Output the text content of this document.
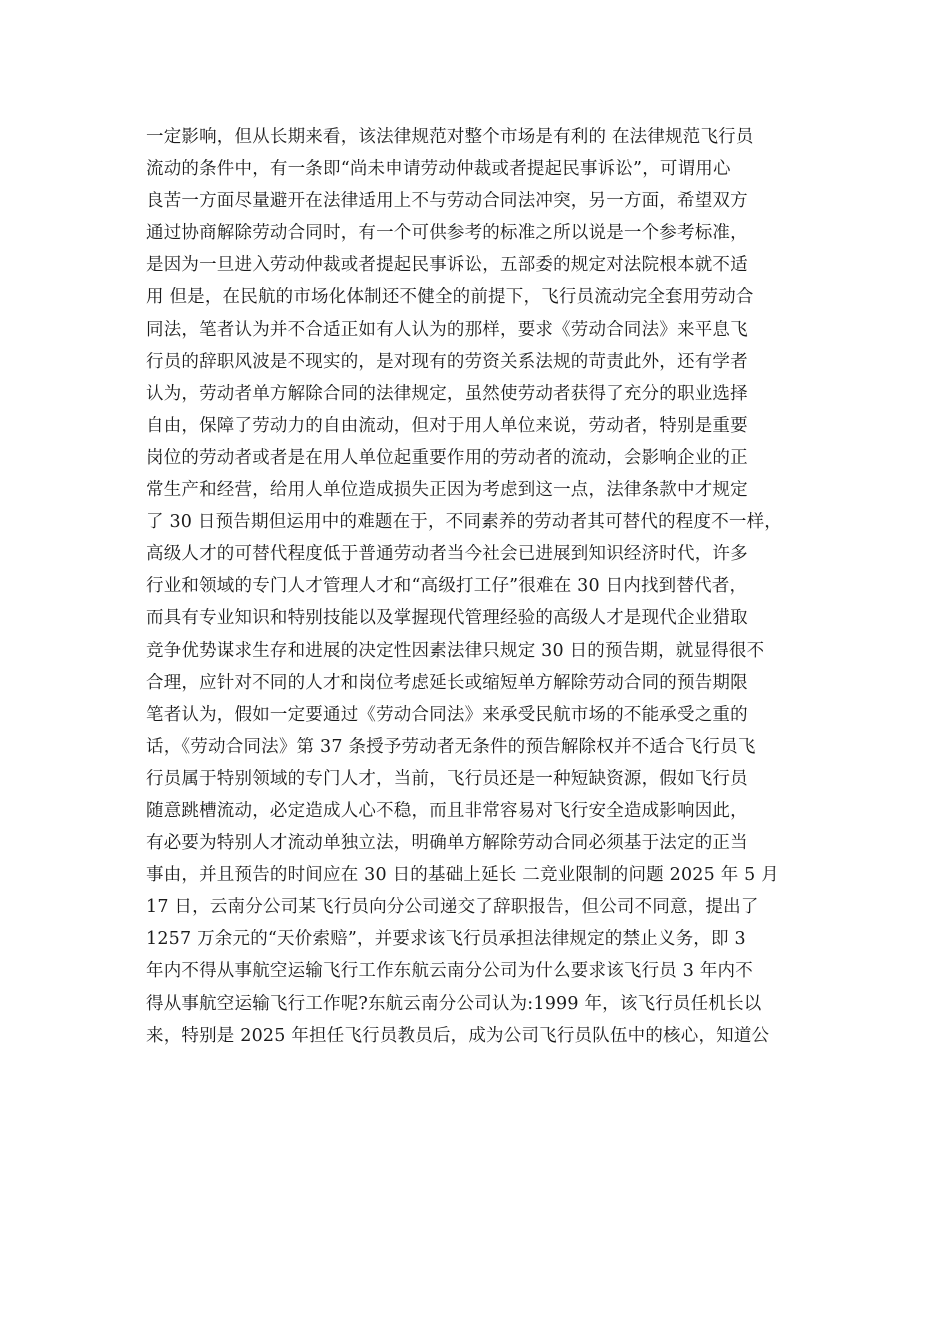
一定影响，但从长期来看，该法律规范对整个市场是有利的 在法律规范飞行员
流动的条件中，有一条即“尚未申请劳动仲裁或者提起民事诉讼”，可谓用心
良苦一方面尽量避开在法律适用上不与劳动合同法冲突，另一方面，希望双方
通过协商解除劳动合同时，有一个可供参考的标准之所以说是一个参考标准，
是因为一旦进入劳动仲裁或者提起民事诉讼，五部委的规定对法院根本就不适
用 但是，在民航的市场化体制还不健全的前提下，飞行员流动完全套用劳动合
同法，笔者认为并不合适正如有人认为的那样，要求《劳动合同法》来平息飞
行员的辞职风波是不现实的，是对现有的劳资关系法规的苛责此外，还有学者
认为，劳动者单方解除合同的法律规定，虽然使劳动者获得了充分的职业选择
自由，保障了劳动力的自由流动，但对于用人单位来说，劳动者，特别是重要
岗位的劳动者或者是在用人单位起重要作用的劳动者的流动，会影响企业的正
常生产和经营，给用人单位造成损失正因为考虑到这一点，法律条款中才规定
了 30 日预告期但运用中的难题在于，不同素养的劳动者其可替代的程度不一样，
高级人才的可替代程度低于普通劳动者当今社会已进展到知识经济时代，许多
行业和领域的专门人才管理人才和“高级打工仔”很难在 30 日内找到替代者，
而具有专业知识和特别技能以及掌握现代管理经验的高级人才是现代企业猎取
竞争优势谋求生存和进展的决定性因素法律只规定 30 日的预告期，就显得很不
合理，应针对不同的人才和岗位考虑延长或缩短单方解除劳动合同的预告期限
笔者认为，假如一定要通过《劳动合同法》来承受民航市场的不能承受之重的
话，《劳动合同法》第 37 条授予劳动者无条件的预告解除权并不适合飞行员飞
行员属于特别领域的专门人才，当前，飞行员还是一种短缺资源，假如飞行员
随意跳槽流动，必定造成人心不稳，而且非常容易对飞行安全造成影响因此，
有必要为特别人才流动单独立法，明确单方解除劳动合同必须基于法定的正当
事由，并且预告的时间应在 30 日的基础上延长 二竞业限制的问题 2025 年 5 月
17 日，云南分公司某飞行员向分公司递交了辞职报告，但公司不同意，提出了
1257 万余元的“天价索赔”，并要求该飞行员承担法律规定的禁止义务，即 3
年内不得从事航空运输飞行工作东航云南分公司为什么要求该飞行员 3 年内不
得从事航空运输飞行工作呢?东航云南分公司认为:1999 年，该飞行员任机长以
来，特别是 2025 年担任飞行员教员后，成为公司飞行员队伍中的核心，知道公
